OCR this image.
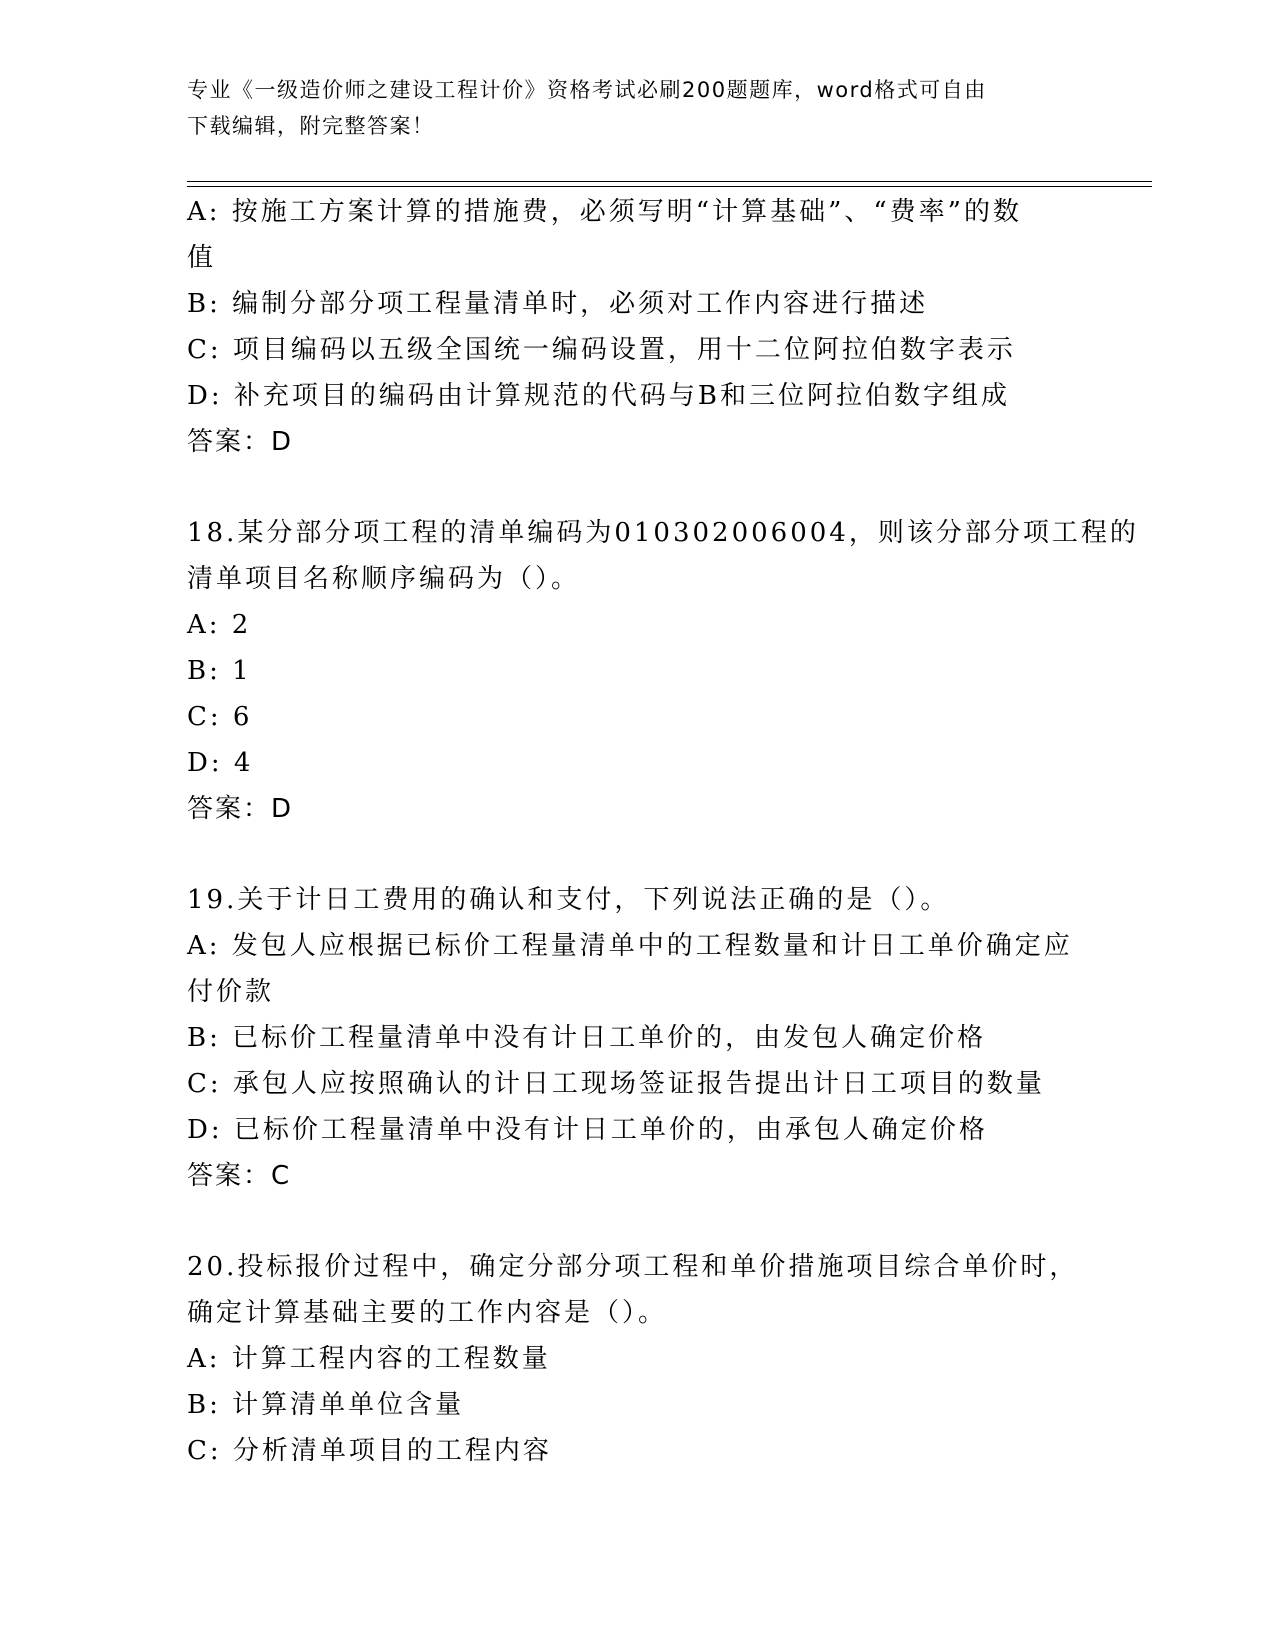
专业《一级造价师之建设工程计价》资格考试必刷200题题库，word格式可自由
下载编辑，附完整答案！
A: 按施工方案计算的措施费，必须写明“计算基础”、“费率”的数
值
B: 编制分部分项工程量清单时，必须对工作内容进行描述
C: 项目编码以五级全国统一编码设置，用十二位阿拉伯数字表示
D: 补充项目的编码由计算规范的代码与B和三位阿拉伯数字组成
答案：D
18.某分部分项工程的清单编码为010302006004，则该分部分项工程的
清单项目名称顺序编码为（）。
A: 2
B: 1
C: 6
D: 4
答案：D
19.关于计日工费用的确认和支付，下列说法正确的是（）。
A: 发包人应根据已标价工程量清单中的工程数量和计日工单价确定应
付价款
B: 已标价工程量清单中没有计日工单价的，由发包人确定价格
C: 承包人应按照确认的计日工现场签证报告提出计日工项目的数量
D: 已标价工程量清单中没有计日工单价的，由承包人确定价格
答案：C
20.投标报价过程中，确定分部分项工程和单价措施项目综合单价时，
确定计算基础主要的工作内容是（）。
A: 计算工程内容的工程数量
B: 计算清单单位含量
C: 分析清单项目的工程内容
